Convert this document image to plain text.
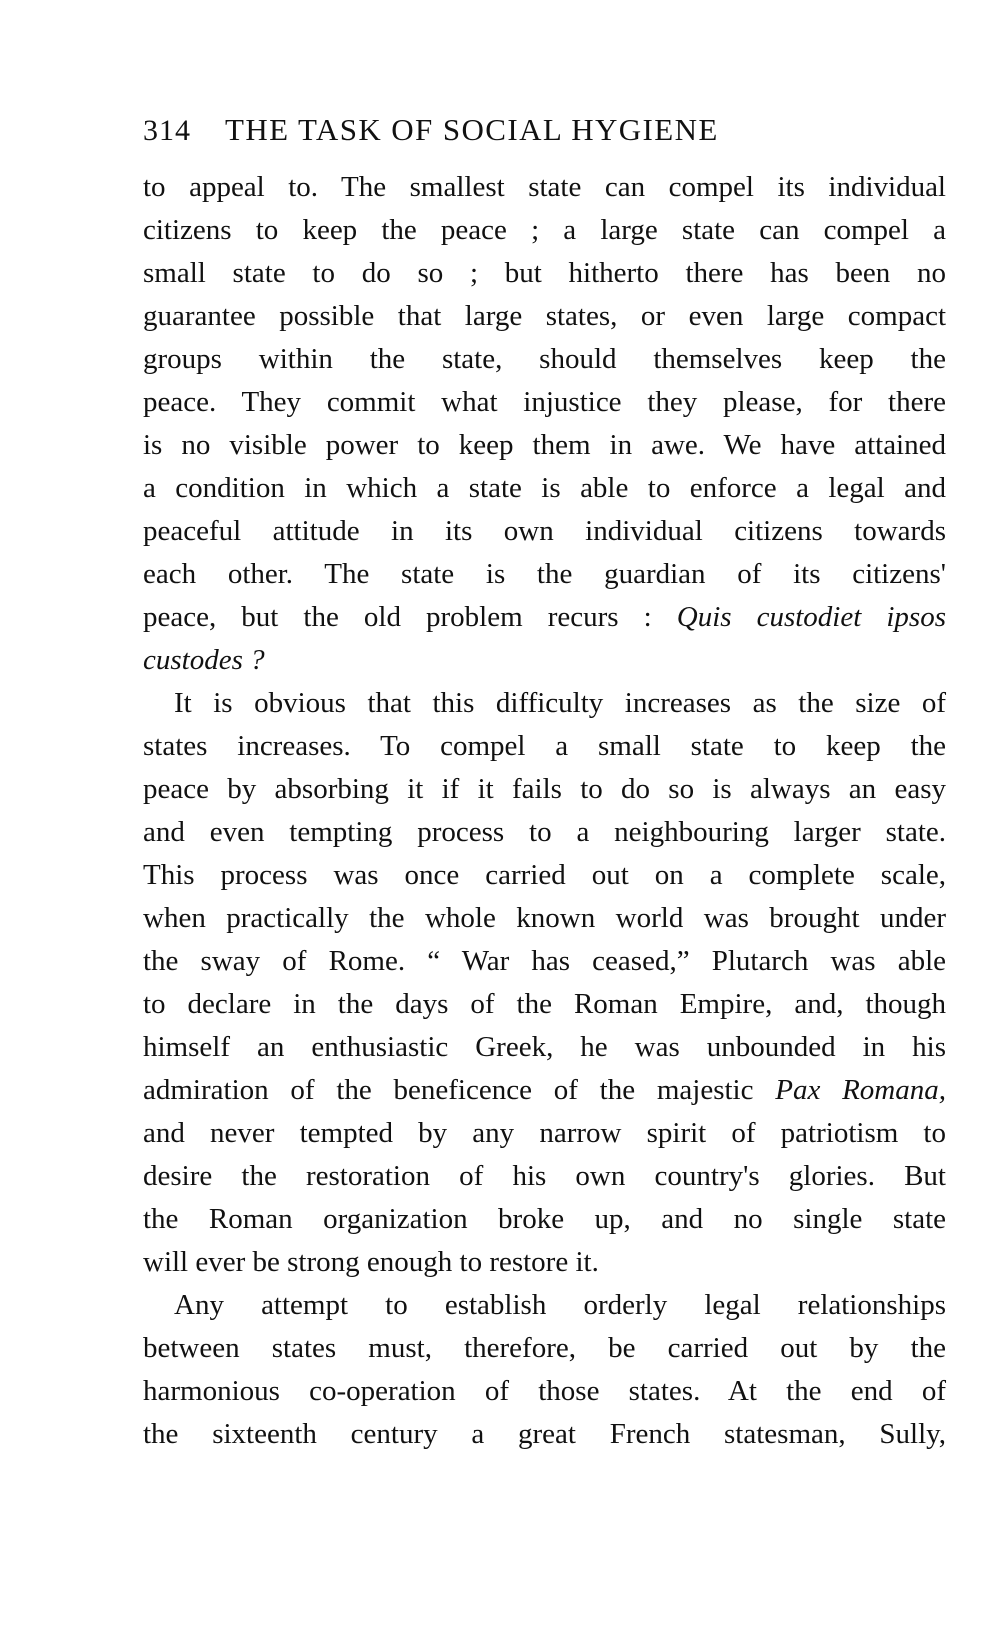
314 THE TASK OF SOCIAL HYGIENE
to appeal to. The smallest state can compel its individual
citizens to keep the peace ; a large state can compel a
small state to do so ; but hitherto there has been no
guarantee possible that large states, or even large compact
groups within the state, should themselves keep the
peace. They commit what injustice they please, for there
is no visible power to keep them in awe. We have attained
a condition in which a state is able to enforce a legal and
peaceful attitude in its own individual citizens towards
each other. The state is the guardian of its citizens'
peace, but the old problem recurs : Quis custodiet ipsos
custodes ?
It is obvious that this difficulty increases as the size of
states increases. To compel a small state to keep the
peace by absorbing it if it fails to do so is always an easy
and even tempting process to a neighbouring larger state.
This process was once carried out on a complete scale,
when practically the whole known world was brought under
the sway of Rome. “ War has ceased,” Plutarch was able
to declare in the days of the Roman Empire, and, though
himself an enthusiastic Greek, he was unbounded in his
admiration of the beneficence of the majestic Pax Romana,
and never tempted by any narrow spirit of patriotism to
desire the restoration of his own country's glories. But
the Roman organization broke up, and no single state
will ever be strong enough to restore it.
Any attempt to establish orderly legal relationships
between states must, therefore, be carried out by the
harmonious co-operation of those states. At the end of
the sixteenth century a great French statesman, Sully,
